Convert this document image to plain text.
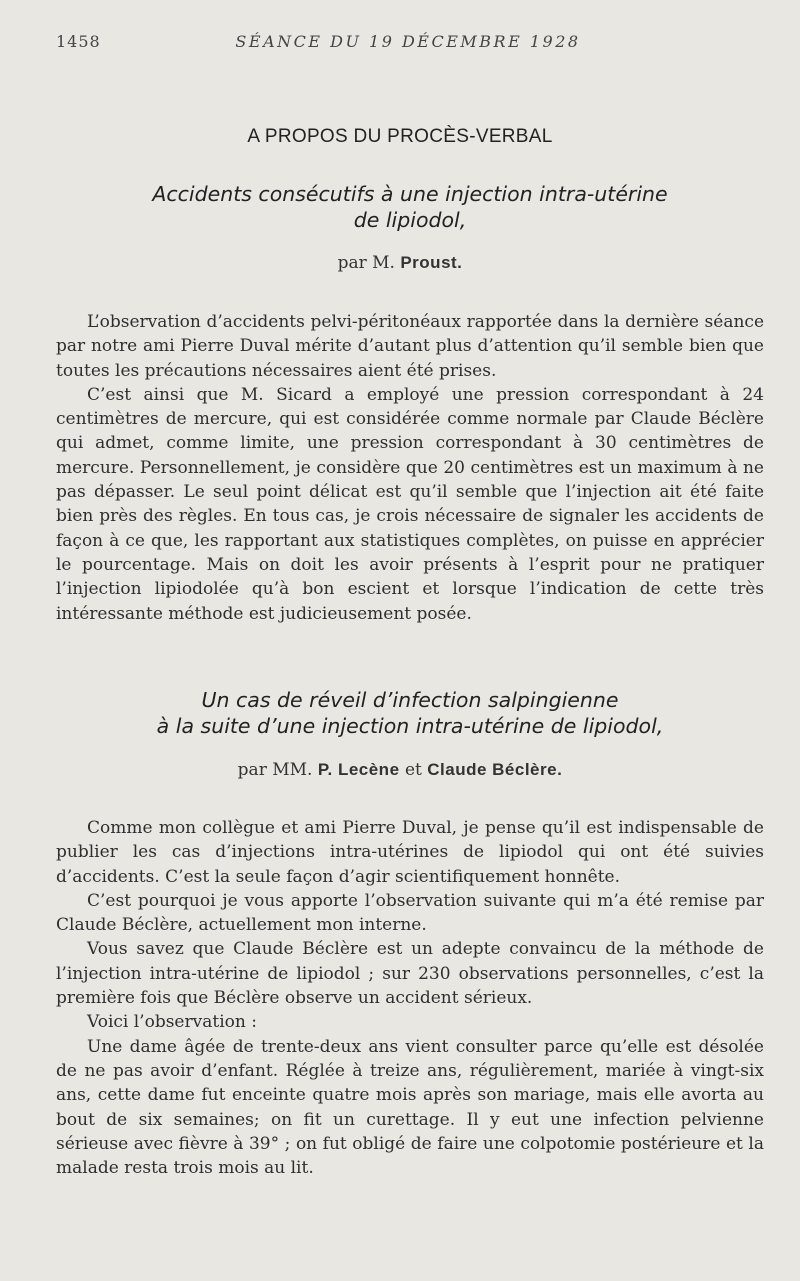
1458	SÉANCE DU 19 DÉCEMBRE 1928
A PROPOS DU PROCÈS-VERBAL
Accidents consécutifs à une injection intra-utérine
de lipiodol,
par M. Proust.

L’observation d’accidents pelvi-péritonéaux rapportée dans la dernière séance par notre ami Pierre Duval mérite d’autant plus d’attention qu’il semble bien que toutes les précautions nécessaires aient été prises.

C’est ainsi que M. Sicard a employé une pression correspondant à 24 centimètres de mercure, qui est considérée comme normale par Claude Béclère qui admet, comme limite, une pression correspondant à 30 centimètres de mercure. Personnellement, je considère que 20 centimètres est un maximum à ne pas dépasser. Le seul point délicat est qu’il semble que l’injection ait été faite bien près des règles. En tous cas, je crois nécessaire de signaler les accidents de façon à ce que, les rapportant aux statistiques complètes, on puisse en apprécier le pourcentage. Mais on doit les avoir présents à l’esprit pour ne pratiquer l’injection lipiodolée qu’à bon escient et lorsque l’indication de cette très intéressante méthode est judicieusement posée.

Un cas de réveil d’infection salpingienne
à la suite d’une injection intra-utérine de lipiodol,
par MM. P. Lecène et Claude Béclère.

Comme mon collègue et ami Pierre Duval, je pense qu’il est indispensable de publier les cas d’injections intra-utérines de lipiodol qui ont été suivies d’accidents. C’est la seule façon d’agir scientifiquement honnête.

C’est pourquoi je vous apporte l’observation suivante qui m’a été remise par Claude Béclère, actuellement mon interne.

Vous savez que Claude Béclère est un adepte convaincu de la méthode de l’injection intra-utérine de lipiodol ; sur 230 observations personnelles, c’est la première fois que Béclère observe un accident sérieux.

Voici l’observation :

Une dame âgée de trente-deux ans vient consulter parce qu’elle est désolée de ne pas avoir d’enfant. Réglée à treize ans, régulièrement, mariée à vingt-six ans, cette dame fut enceinte quatre mois après son mariage, mais elle avorta au bout de six semaines; on fit un curettage. Il y eut une infection pelvienne sérieuse avec fièvre à 39° ; on fut obligé de faire une colpotomie postérieure et la malade resta trois mois au lit.
